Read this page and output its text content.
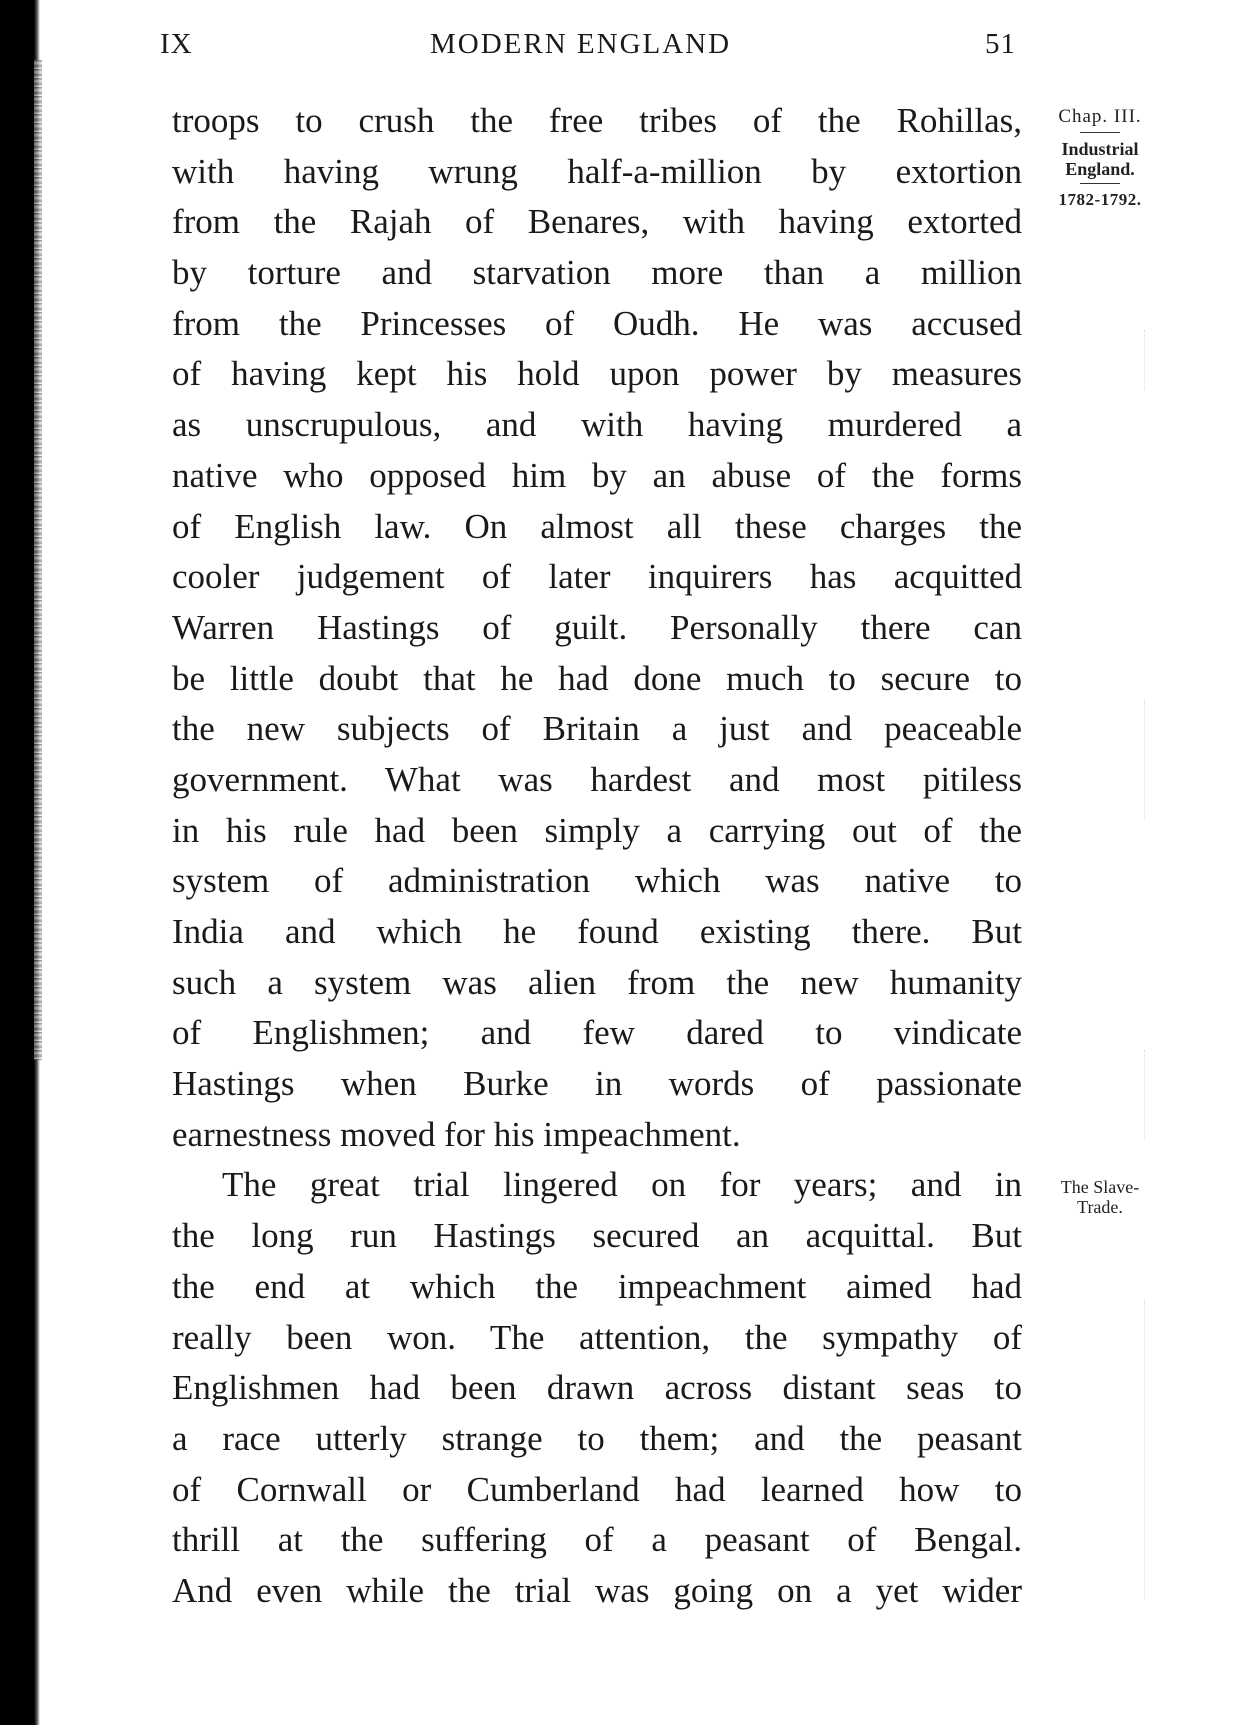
IX	MODERN ENGLAND	51
troops to crush the free tribes of the Rohillas,
with having wrung half-a-million by extortion
from the Rajah of Benares, with having extorted
by torture and starvation more than a million
from the Princesses of Oudh. He was accused
of having kept his hold upon power by measures
as unscrupulous, and with having murdered a
native who opposed him by an abuse of the forms
of English law. On almost all these charges the
cooler judgement of later inquirers has acquitted
Warren Hastings of guilt. Personally there can
be little doubt that he had done much to secure to
the new subjects of Britain a just and peaceable
government. What was hardest and most pitiless
in his rule had been simply a carrying out of the
system of administration which was native to
India and which he found existing there. But
such a system was alien from the new humanity
of Englishmen; and few dared to vindicate
Hastings when Burke in words of passionate
earnestness moved for his impeachment.
The great trial lingered on for years; and in
the long run Hastings secured an acquittal. But
the end at which the impeachment aimed had
really been won. The attention, the sympathy of
Englishmen had been drawn across distant seas to
a race utterly strange to them; and the peasant
of Cornwall or Cumberland had learned how to
thrill at the suffering of a peasant of Bengal.
And even while the trial was going on a yet wider
Chap. III.
Industrial
England.
1782-1792.
The Slave-
Trade.
